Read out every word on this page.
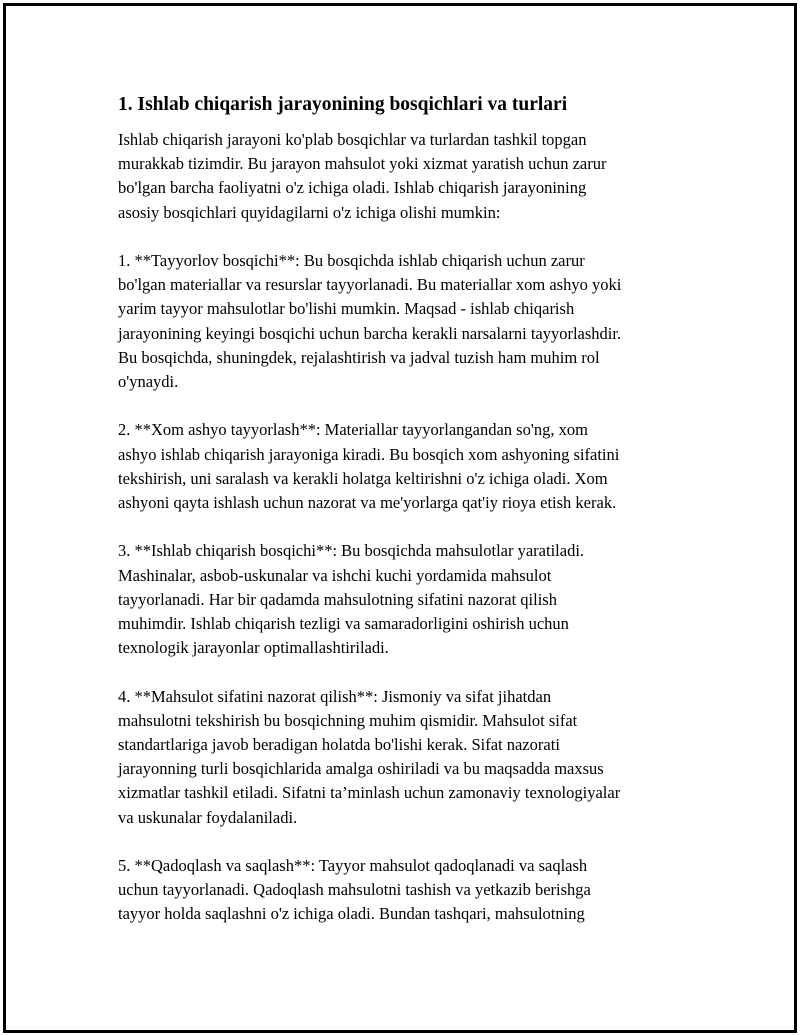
1. Ishlab chiqarish jarayonining bosqichlari va turlari

Ishlab chiqarish jarayoni ko'plab bosqichlar va turlardan tashkil topgan
murakkab tizimdir. Bu jarayon mahsulot yoki xizmat yaratish uchun zarur
bo'lgan barcha faoliyatni o'z ichiga oladi. Ishlab chiqarish jarayonining
asosiy bosqichlari quyidagilarni o'z ichiga olishi mumkin:

1. **Tayyorlov bosqichi**: Bu bosqichda ishlab chiqarish uchun zarur
bo'lgan materiallar va resurslar tayyorlanadi. Bu materiallar xom ashyo yoki
yarim tayyor mahsulotlar bo'lishi mumkin. Maqsad - ishlab chiqarish
jarayonining keyingi bosqichi uchun barcha kerakli narsalarni tayyorlashdir.
Bu bosqichda, shuningdek, rejalashtirish va jadval tuzish ham muhim rol
o'ynaydi.

2. **Xom ashyo tayyorlash**: Materiallar tayyorlangandan so'ng, xom
ashyo ishlab chiqarish jarayoniga kiradi. Bu bosqich xom ashyoning sifatini
tekshirish, uni saralash va kerakli holatga keltirishni o'z ichiga oladi. Xom
ashyoni qayta ishlash uchun nazorat va me'yorlarga qat'iy rioya etish kerak.

3. **Ishlab chiqarish bosqichi**: Bu bosqichda mahsulotlar yaratiladi.
Mashinalar, asbob-uskunalar va ishchi kuchi yordamida mahsulot
tayyorlanadi. Har bir qadamda mahsulotning sifatini nazorat qilish
muhimdir. Ishlab chiqarish tezligi va samaradorligini oshirish uchun
texnologik jarayonlar optimallashtiriladi.

4. **Mahsulot sifatini nazorat qilish**: Jismoniy va sifat jihatdan
mahsulotni tekshirish bu bosqichning muhim qismidir. Mahsulot sifat
standartlariga javob beradigan holatda bo'lishi kerak. Sifat nazorati
jarayonning turli bosqichlarida amalga oshiriladi va bu maqsadda maxsus
xizmatlar tashkil etiladi. Sifatni ta’minlash uchun zamonaviy texnologiyalar
va uskunalar foydalaniladi.

5. **Qadoqlash va saqlash**: Tayyor mahsulot qadoqlanadi va saqlash
uchun tayyorlanadi. Qadoqlash mahsulotni tashish va yetkazib berishga
tayyor holda saqlashni o'z ichiga oladi. Bundan tashqari, mahsulotning
